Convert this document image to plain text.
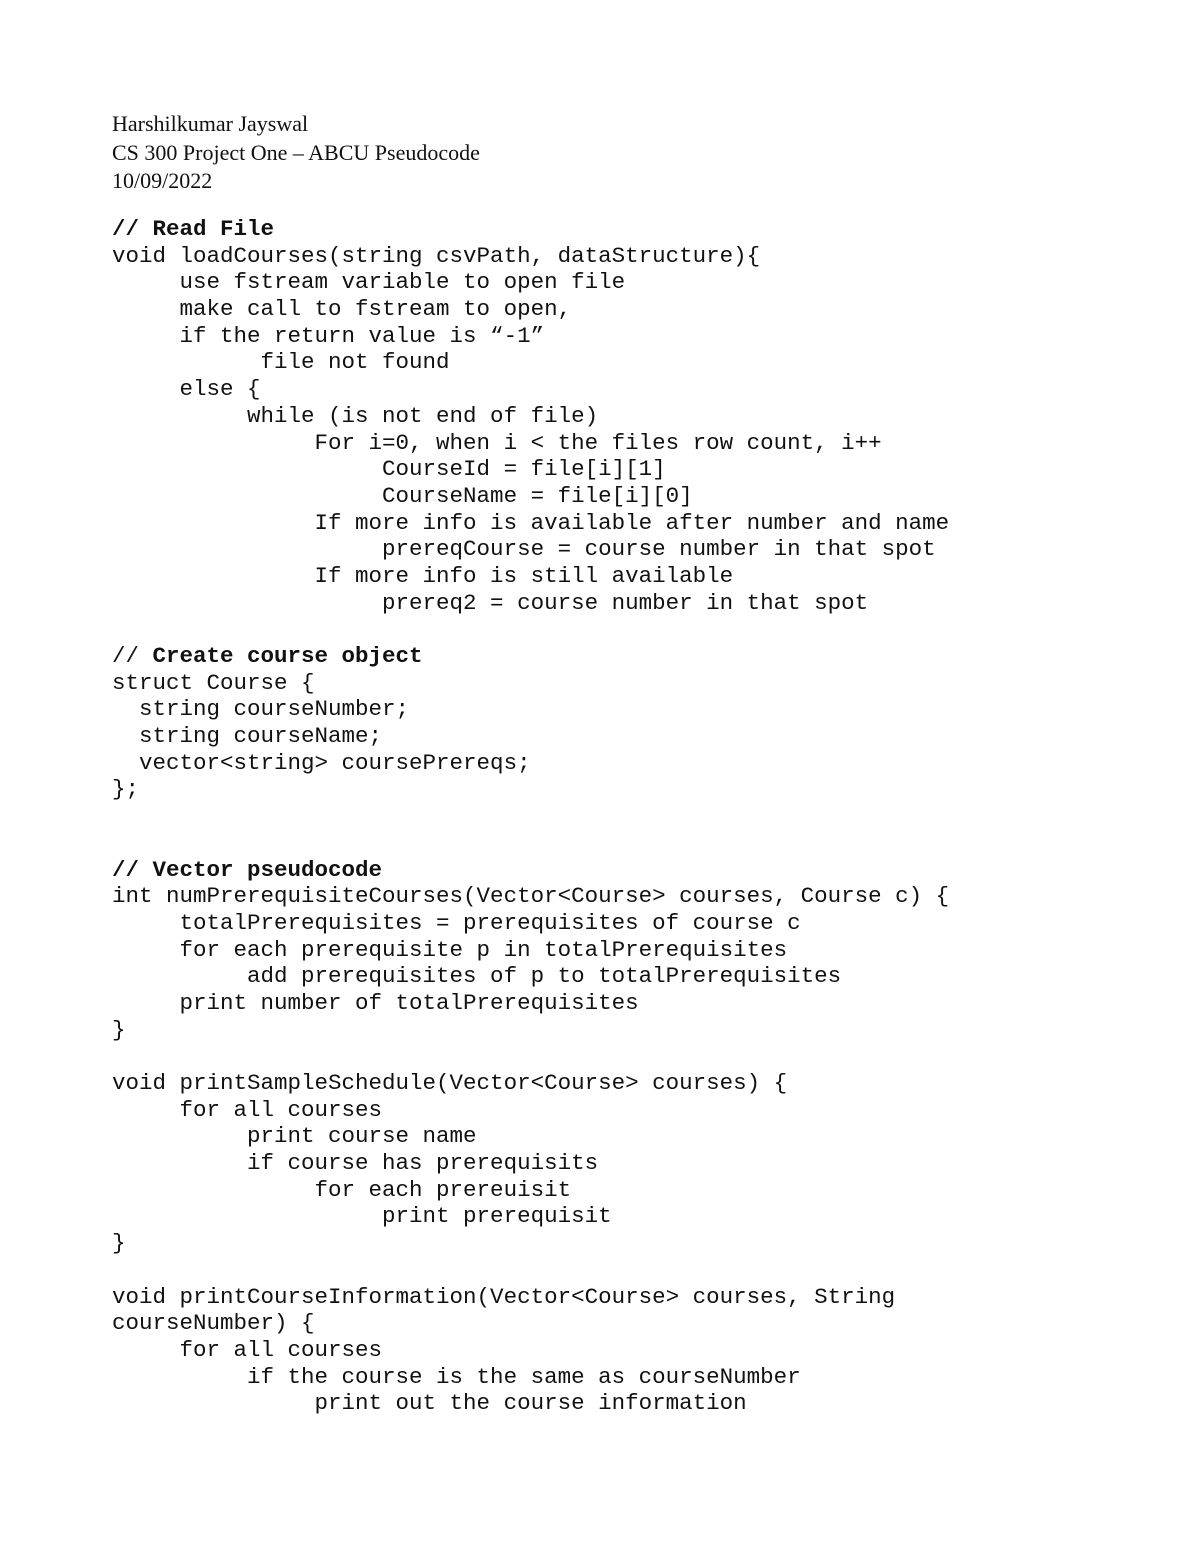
Harshilkumar Jayswal
CS 300 Project One – ABCU Pseudocode
10/09/2022
// Read File
void loadCourses(string csvPath, dataStructure){
use fstream variable to open file
make call to fstream to open,
if the return value is “-1”
file not found
else {
while (is not end of file)
For i=0, when i < the files row count, i++
CourseId = file[i][1]
CourseName = file[i][0]
If more info is available after number and name
prereqCourse = course number in that spot
If more info is still available
prereq2 = course number in that spot
// Create course object
struct Course {
string courseNumber;
string courseName;
vector<string> coursePrereqs;
};
// Vector pseudocode
int numPrerequisiteCourses(Vector<Course> courses, Course c) {
totalPrerequisites = prerequisites of course c
for each prerequisite p in totalPrerequisites
add prerequisites of p to totalPrerequisites
print number of totalPrerequisites
}
void printSampleSchedule(Vector<Course> courses) {
for all courses
print course name
if course has prerequisits
for each prereuisit
print prerequisit
}
void printCourseInformation(Vector<Course> courses, String
courseNumber) {
for all courses
if the course is the same as courseNumber
print out the course information
